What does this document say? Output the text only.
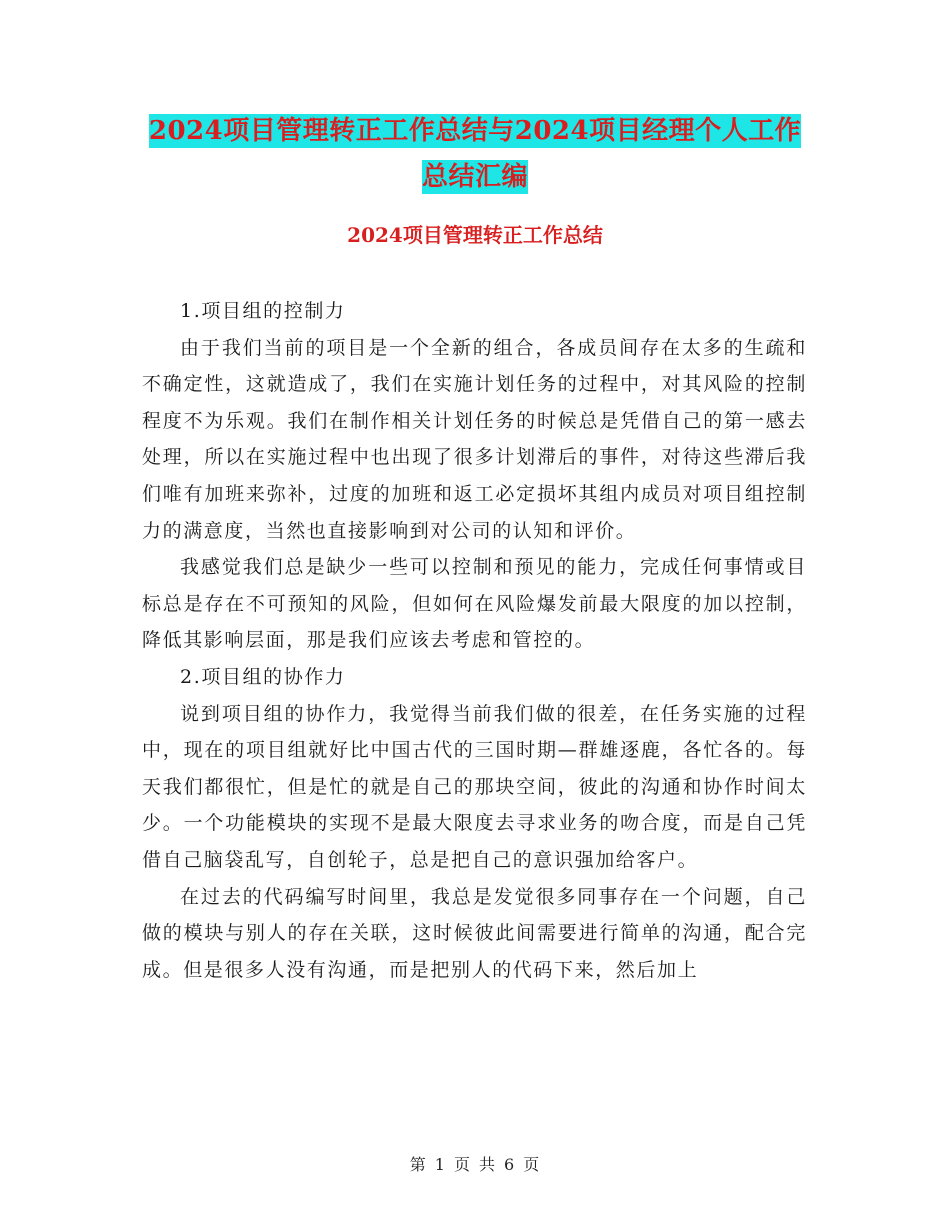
2024项目管理转正工作总结与2024项目经理个人工作
总结汇编
2024项目管理转正工作总结

1.项目组的控制力

由于我们当前的项目是一个全新的组合，各成员间存在太多的生疏和不确定性，这就造成了，我们在实施计划任务的过程中，对其风险的控制程度不为乐观。我们在制作相关计划任务的时候总是凭借自己的第一感去处理，所以在实施过程中也出现了很多计划滞后的事件，对待这些滞后我们唯有加班来弥补，过度的加班和返工必定损坏其组内成员对项目组控制力的满意度，当然也直接影响到对公司的认知和评价。

我感觉我们总是缺少一些可以控制和预见的能力，完成任何事情或目标总是存在不可预知的风险，但如何在风险爆发前最大限度的加以控制，降低其影响层面，那是我们应该去考虑和管控的。

2.项目组的协作力

说到项目组的协作力，我觉得当前我们做的很差，在任务实施的过程中，现在的项目组就好比中国古代的三国时期—群雄逐鹿，各忙各的。每天我们都很忙，但是忙的就是自己的那块空间，彼此的沟通和协作时间太少。一个功能模块的实现不是最大限度去寻求业务的吻合度，而是自己凭借自己脑袋乱写，自创轮子，总是把自己的意识强加给客户。

在过去的代码编写时间里，我总是发觉很多同事存在一个问题，自己做的模块与别人的存在关联，这时候彼此间需要进行简单的沟通，配合完成。但是很多人没有沟通，而是把别人的代码下来，然后加上

第 1 页 共 6 页
